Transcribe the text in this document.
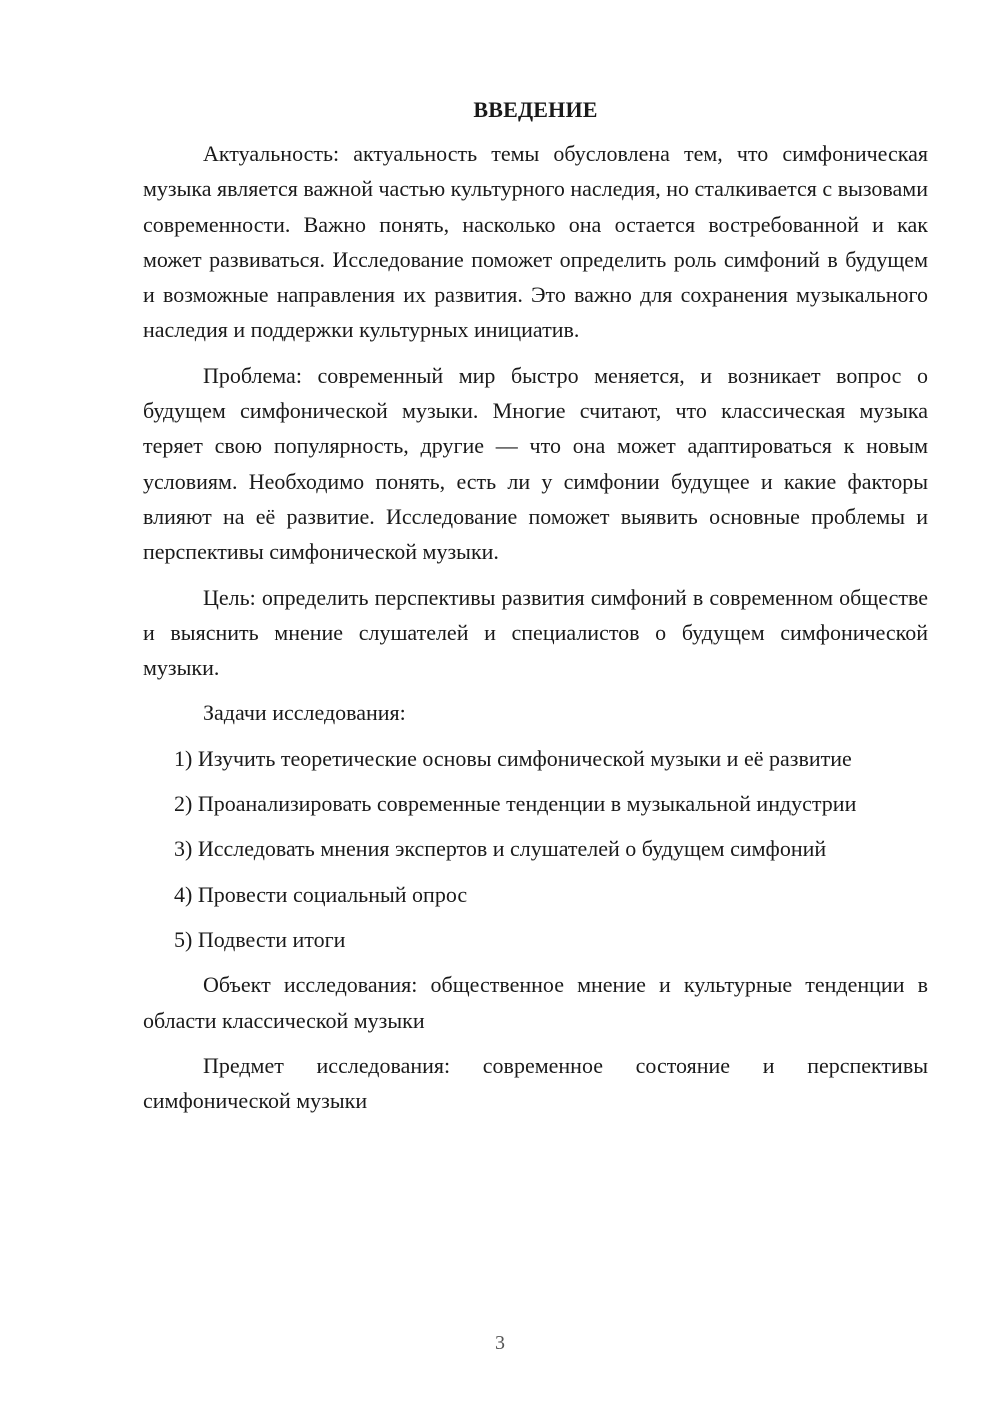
ВВЕДЕНИЕ

Актуальность: актуальность темы обусловлена тем, что симфоническая музыка является важной частью культурного наследия, но сталкивается с вызовами современности. Важно понять, насколько она остается востребованной и как может развиваться. Исследование поможет определить роль симфоний в будущем и возможные направления их развития. Это важно для сохранения музыкального наследия и поддержки культурных инициатив.

Проблема: современный мир быстро меняется, и возникает вопрос о будущем симфонической музыки. Многие считают, что классическая музыка теряет свою популярность, другие — что она может адаптироваться к новым условиям. Необходимо понять, есть ли у симфонии будущее и какие факторы влияют на её развитие. Исследование поможет выявить основные проблемы и перспективы симфонической музыки.

Цель: определить перспективы развития симфоний в современном обществе и выяснить мнение слушателей и специалистов о будущем симфонической музыки.

Задачи исследования:

1) Изучить теоретические основы симфонической музыки и её развитие

2) Проанализировать современные тенденции в музыкальной индустрии

3) Исследовать мнения экспертов и слушателей о будущем симфоний

4) Провести социальный опрос

5) Подвести итоги

Объект исследования: общественное мнение и культурные тенденции в области классической музыки

Предмет исследования: современное состояние и перспективы симфонической музыки

3
